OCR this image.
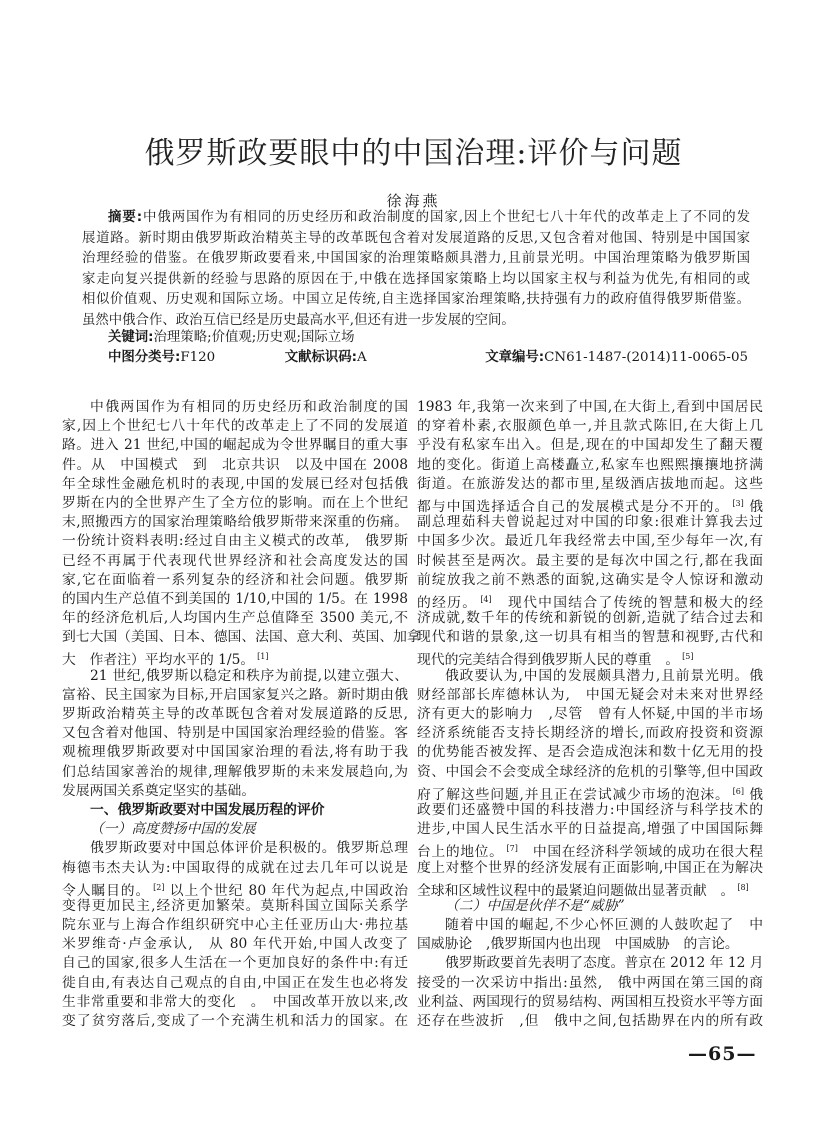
俄罗斯政要眼中的中国治理:评价与问题
徐海燕
摘要:中俄两国作为有相同的历史经历和政治制度的国家,因上个世纪七八十年代的改革走上了不同的发
展道路。新时期由俄罗斯政治精英主导的改革既包含着对发展道路的反思,又包含着对他国、特别是中国国家
治理经验的借鉴。在俄罗斯政要看来,中国国家的治理策略颇具潜力,且前景光明。中国治理策略为俄罗斯国
家走向复兴提供新的经验与思路的原因在于,中俄在选择国家策略上均以国家主权与利益为优先,有相同的或
相似价值观、历史观和国际立场。中国立足传统,自主选择国家治理策略,扶持强有力的政府值得俄罗斯借鉴。
虽然中俄合作、政治互信已经是历史最高水平,但还有进一步发展的空间。
关键词:治理策略;价值观;历史观;国际立场
中图分类号:F120	文献标识码:A	文章编号:CN61-1487-(2014)11-0065-05
中俄两国作为有相同的历史经历和政治制度的国
家,因上个世纪七八十年代的改革走上了不同的发展道
路。进入 21 世纪,中国的崛起成为令世界瞩目的重大事
件。从　中国模式　到　北京共识　以及中国在 2008
年全球性金融危机时的表现,中国的发展已经对包括俄
罗斯在内的全世界产生了全方位的影响。而在上个世纪
末,照搬西方的国家治理策略给俄罗斯带来深重的伤痛。
一份统计资料表明:经过自由主义模式的改革,　俄罗斯
已经不再属于代表现代世界经济和社会高度发达的国
家,它在面临着一系列复杂的经济和社会问题。俄罗斯
的国内生产总值不到美国的 1/10,中国的 1/5。在 1998
年的经济危机后,人均国内生产总值降至 3500 美元,不
到七大国（美国、日本、德国、法国、意大利、英国、加拿
大　作者注）平均水平的 1/5。 [1]
21 世纪,俄罗斯以稳定和秩序为前提,以建立强大、
富裕、民主国家为目标,开启国家复兴之路。新时期由俄
罗斯政治精英主导的改革既包含着对发展道路的反思,
又包含着对他国、特别是中国国家治理经验的借鉴。客
观梳理俄罗斯政要对中国国家治理的看法,将有助于我
们总结国家善治的规律,理解俄罗斯的未来发展趋向,为
发展两国关系奠定坚实的基础。
一、俄罗斯政要对中国发展历程的评价
（一）高度赞扬中国的发展
俄罗斯政要对中国总体评价是积极的。俄罗斯总理
梅德韦杰夫认为:中国取得的成就在过去几年可以说是
令人瞩目的。 [2] 以上个世纪 80 年代为起点,中国政治
变得更加民主,经济更加繁荣。莫斯科国立国际关系学
院东亚与上海合作组织研究中心主任亚历山大·弗拉基
米罗维奇·卢金承认,　从 80 年代开始,中国人改变了
自己的国家,很多人生活在一个更加良好的条件中:有迁
徙自由,有表达自己观点的自由,中国正在发生也必将发
生非常重要和非常大的变化　。　中国改革开放以来,改
变了贫穷落后,变成了一个充满生机和活力的国家。在
1983 年,我第一次来到了中国,在大街上,看到中国居民
的穿着朴素,衣服颜色单一,并且款式陈旧,在大街上几
乎没有私家车出入。但是,现在的中国却发生了翻天覆
地的变化。街道上高楼矗立,私家车也熙熙攘攘地挤满
街道。在旅游发达的都市里,星级酒店拔地而起。这些
都与中国选择适合自己的发展模式是分不开的。 [3] 俄
副总理茹科夫曾说起过对中国的印象:很难计算我去过
中国多少次。最近几年我经常去中国,至少每年一次,有
时候甚至是两次。最主要的是每次中国之行,都在我面
前绽放我之前不熟悉的面貌,这确实是令人惊讶和激动
的经历。 [4]　现代中国结合了传统的智慧和极大的经
济成就,数千年的传统和新锐的创新,造就了结合过去和
现代和谐的景象,这一切具有相当的智慧和视野,古代和
现代的完美结合得到俄罗斯人民的尊重　。 [5]
俄政要认为,中国的发展颇具潜力,且前景光明。俄
财经部部长库德林认为,　中国无疑会对未来对世界经
济有更大的影响力　,尽管　曾有人怀疑,中国的半市场
经济系统能否支持长期经济的增长,而政府投资和资源
的优势能否被发挥、是否会造成泡沫和数十亿无用的投
资、中国会不会变成全球经济的危机的引擎等,但中国政
府了解这些问题,并且正在尝试减少市场的泡沫。 [6] 俄
政要们还盛赞中国的科技潜力:中国经济与科学技术的
进步,中国人民生活水平的日益提高,增强了中国国际舞
台上的地位。 [7]　中国在经济科学领域的成功在很大程
度上对整个世界的经济发展有正面影响,中国正在为解决
全球和区域性议程中的最紧迫问题做出显著贡献　。 [8]
（二）中国是伙伴不是“威胁”
随着中国的崛起,不少心怀叵测的人鼓吹起了　中
国威胁论　,俄罗斯国内也出现　中国威胁　的言论。
俄罗斯政要首先表明了态度。普京在 2012 年 12 月
接受的一次采访中指出:虽然,　俄中两国在第三国的商
业利益、两国现行的贸易结构、两国相互投资水平等方面
还存在些波折　,但　俄中之间,包括勘界在内的所有政
—65—
